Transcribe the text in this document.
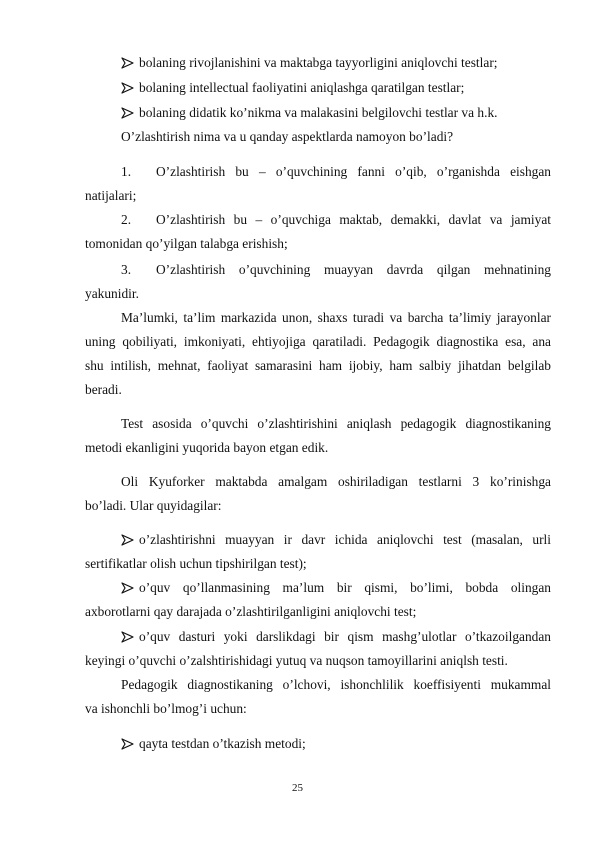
bolaning rivojlanishini va maktabga tayyorligini aniqlovchi testlar;
bolaning intellectual faoliyatini aniqlashga qaratilgan testlar;
bolaning didatik ko’nikma va malakasini belgilovchi testlar va h.k.
O’zlashtirish nima va u qanday aspektlarda namoyon bo’ladi?
1. O’zlashtirish bu – o’quvchining fanni o’qib, o’rganishda eishgan
natijalari;
2. O’zlashtirish bu – o’quvchiga maktab, demakki, davlat va jamiyat
tomonidan qo’yilgan talabga erishish;
3. O’zlashtirish o’quvchining muayyan davrda qilgan mehnatining
yakunidir.
Ma’lumki, ta’lim markazida unon, shaxs turadi va barcha ta’limiy jarayonlar
uning qobiliyati, imkoniyati, ehtiyojiga qaratiladi. Pedagogik diagnostika esa, ana
shu intilish, mehnat, faoliyat samarasini ham ijobiy, ham salbiy jihatdan belgilab
beradi.
Test asosida o’quvchi o’zlashtirishini aniqlash pedagogik diagnostikaning
metodi ekanligini yuqorida bayon etgan edik.
Oli Kyuforker maktabda amalgam oshiriladigan testlarni 3 ko’rinishga
bo’ladi. Ular quyidagilar:
o’zlashtirishni muayyan ir davr ichida aniqlovchi test (masalan, urli
sertifikatlar olish uchun tipshirilgan test);
o’quv qo’llanmasining ma’lum bir qismi, bo’limi, bobda olingan
axborotlarni qay darajada o’zlashtirilganligini aniqlovchi test;
o’quv dasturi yoki darslikdagi bir qism mashg’ulotlar o’tkazoilgandan
keyingi o’quvchi o’zalshtirishidagi yutuq va nuqson tamoyillarini aniqlsh testi.
Pedagogik diagnostikaning o’lchovi, ishonchlilik koeffisiyenti mukammal
va ishonchli bo’lmog’i uchun:
qayta testdan o’tkazish metodi;
25
